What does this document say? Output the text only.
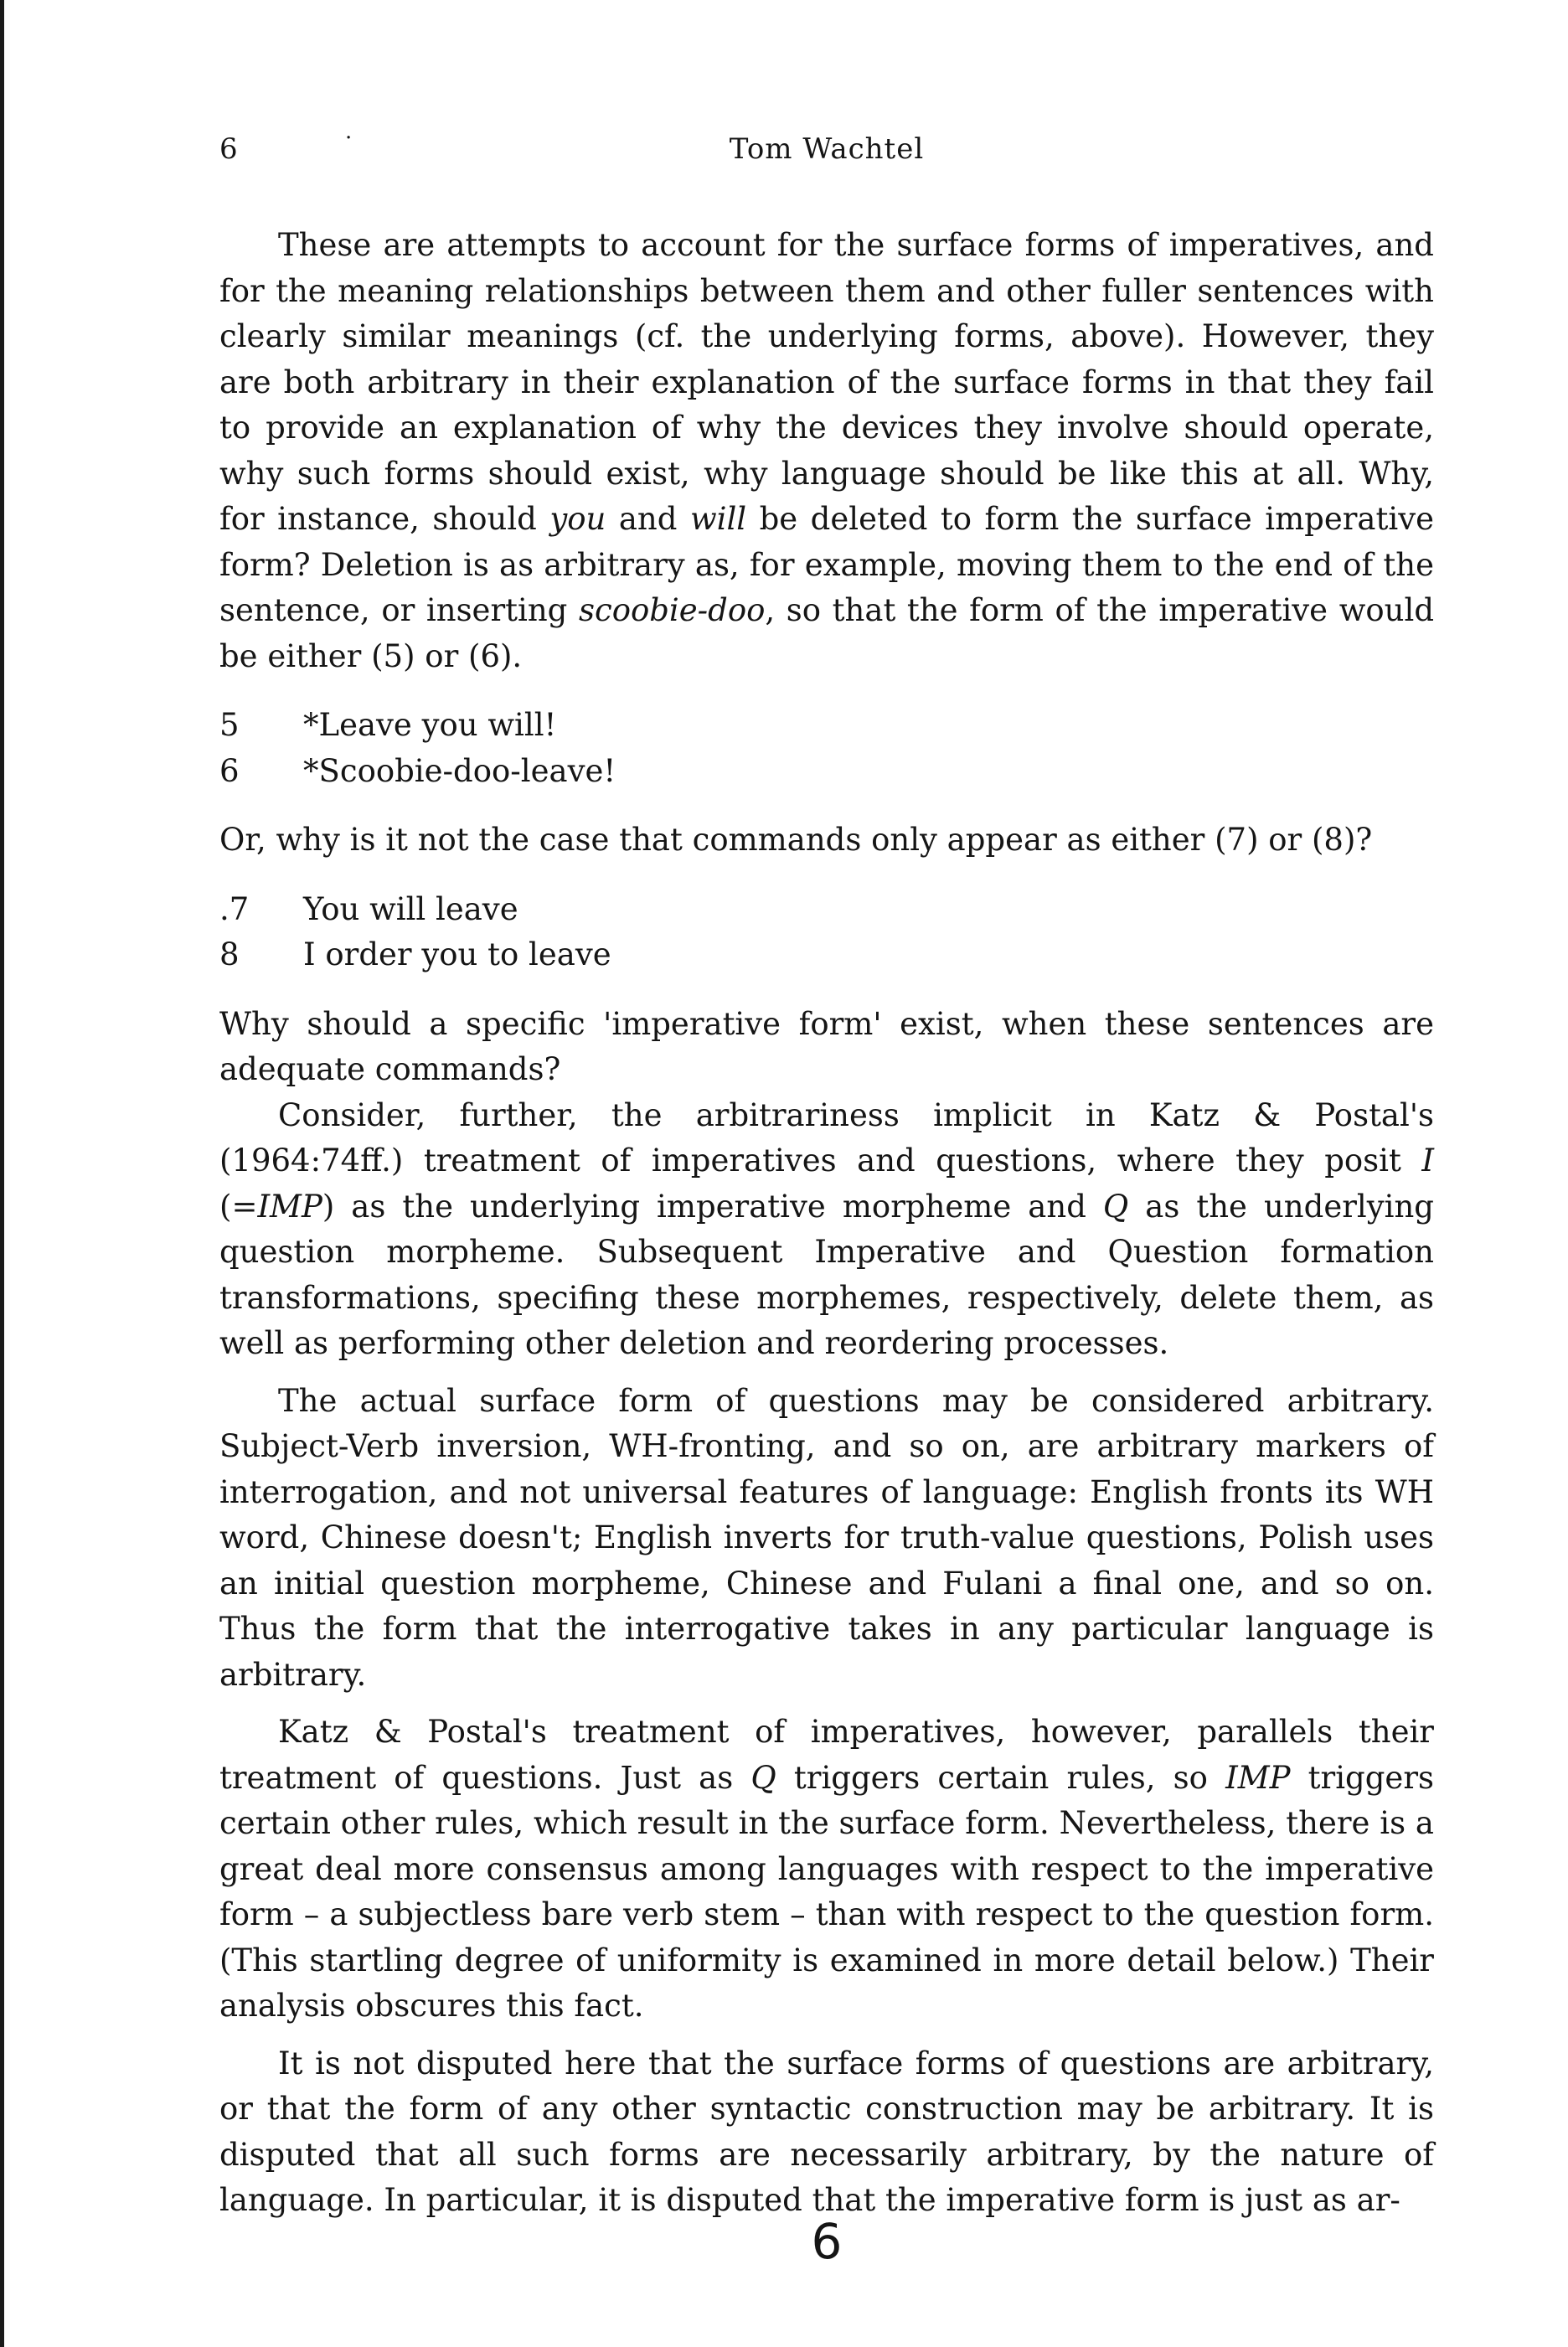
6	·	Tom Wachtel

These are attempts to account for the surface forms of imperatives, and for the meaning relationships between them and other fuller sentences with clearly similar meanings (cf. the underlying forms, above). However, they are both arbitrary in their explanation of the surface forms in that they fail to provide an explanation of why the devices they involve should operate, why such forms should exist, why language should be like this at all. Why, for instance, should you and will be deleted to form the surface imperative form? Deletion is as arbitrary as, for example, moving them to the end of the sentence, or inserting scoobie-doo, so that the form of the imperative would be either (5) or (6).

5	*Leave you will!
6	*Scoobie-doo-leave!

Or, why is it not the case that commands only appear as either (7) or (8)?

.7	You will leave
8	I order you to leave

Why should a specific 'imperative form' exist, when these sentences are adequate commands?

Consider, further, the arbitrariness implicit in Katz & Postal's (1964:74ff.) treatment of imperatives and questions, where they posit I (=IMP) as the underlying imperative morpheme and Q as the underlying question morpheme. Subsequent Imperative and Question formation transformations, specifing these morphemes, respectively, delete them, as well as performing other deletion and reordering processes.

The actual surface form of questions may be considered arbitrary. Subject-Verb inversion, WH-fronting, and so on, are arbitrary markers of interrogation, and not universal features of language: English fronts its WH word, Chinese doesn't; English inverts for truth-value questions, Polish uses an initial question morpheme, Chinese and Fulani a final one, and so on. Thus the form that the interrogative takes in any particular language is arbitrary.

Katz & Postal's treatment of imperatives, however, parallels their treatment of questions. Just as Q triggers certain rules, so IMP triggers certain other rules, which result in the surface form. Nevertheless, there is a great deal more consensus among languages with respect to the imperative form – a subjectless bare verb stem – than with respect to the question form. (This startling degree of uniformity is examined in more detail below.) Their analysis obscures this fact.

It is not disputed here that the surface forms of questions are arbitrary, or that the form of any other syntactic construction may be arbitrary. It is disputed that all such forms are necessarily arbitrary, by the nature of language. In particular, it is disputed that the imperative form is just as ar-

6
